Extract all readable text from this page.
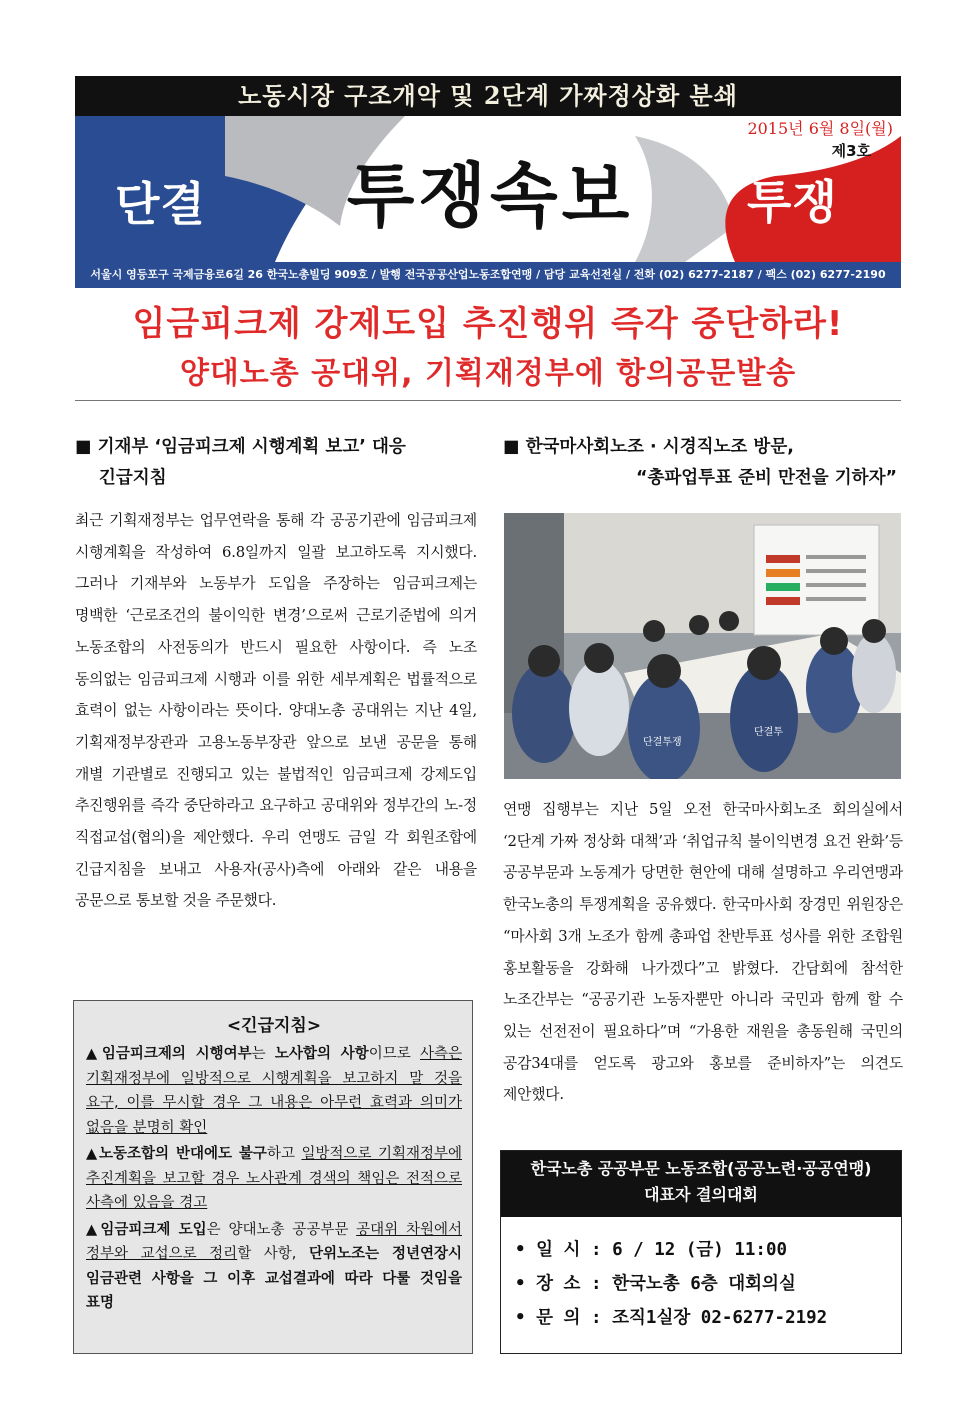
노동시장 구조개악 및 2단계 가짜정상화 분쇄
2015년 6월 8일(월)
제3호
투쟁속보
단결	투쟁
서울시 영등포구 국제금융로6길 26 한국노총빌딩 909호 / 발행 전국공공산업노동조합연맹 / 담당 교육선전실 / 전화 (02) 6277-2187 / 팩스 (02) 6277-2190
임금피크제 강제도입 추진행위 즉각 중단하라!
양대노총 공대위, 기획재정부에 항의공문발송
■ 기재부 ‘임금피크제 시행계획 보고’ 대응
긴급지침
최근 기획재정부는 업무연락을 통해 각 공공기관에 임금피크제 시행계획을 작성하여 6.8일까지 일괄 보고하도록 지시했다. 그러나 기재부와 노동부가 도입을 주장하는 임금피크제는 명백한 ‘근로조건의 불이익한 변경’으로써 근로기준법에 의거 노동조합의 사전동의가 반드시 필요한 사항이다. 즉 노조 동의없는 임금피크제 시행과 이를 위한 세부계획은 법률적으로 효력이 없는 사항이라는 뜻이다. 양대노총 공대위는 지난 4일, 기획재정부장관과 고용노동부장관 앞으로 보낸 공문을 통해 개별 기관별로 진행되고 있는 불법적인 임금피크제 강제도입 추진행위를 즉각 중단하라고 요구하고 공대위와 정부간의 노-정 직접교섭(협의)을 제안했다. 우리 연맹도 금일 각 회원조합에 긴급지침을 보내고 사용자(공사)측에 아래와 같은 내용을 공문으로 통보할 것을 주문했다.
<긴급지침>
▲임금피크제의 시행여부는 노사합의 사항이므로 사측은 기획재정부에 일방적으로 시행계획을 보고하지 말 것을 요구, 이를 무시할 경우 그 내용은 아무런 효력과 의미가 없음을 분명히 확인
▲노동조합의 반대에도 불구하고 일방적으로 기획재정부에 추진계획을 보고할 경우 노사관계 경색의 책임은 전적으로 사측에 있음을 경고
▲임금피크제 도입은 양대노총 공공부문 공대위 차원에서 정부와 교섭으로 정리할 사항, 단위노조는 정년연장시 임금관련 사항을 그 이후 교섭결과에 따라 다룰 것임을 표명
■ 한국마사회노조 · 시경직노조 방문,
“총파업투표 준비 만전을 기하자”
단결투쟁
단결투
연맹 집행부는 지난 5일 오전 한국마사회노조 회의실에서 ‘2단계 가짜 정상화 대책’과 ‘취업규칙 불이익변경 요건 완화’등 공공부문과 노동계가 당면한 현안에 대해 설명하고 우리연맹과 한국노총의 투쟁계획을 공유했다. 한국마사회 장경민 위원장은 “마사회 3개 노조가 함께 총파업 찬반투표 성사를 위한 조합원 홍보활동을 강화해 나가겠다”고 밝혔다. 간담회에 참석한 노조간부는 “공공기관 노동자뿐만 아니라 국민과 함께 할 수 있는 선전전이 필요하다”며 “가용한 재원을 총동원해 국민의 공감34대를 얻도록 광고와 홍보를 준비하자”는 의견도 제안했다.
한국노총 공공부문 노동조합(공공노련·공공연맹)
대표자 결의대회
• 일 시 : 6 / 12 (금) 11:00
• 장 소 : 한국노총 6층 대회의실
• 문 의 : 조직1실장 02-6277-2192
